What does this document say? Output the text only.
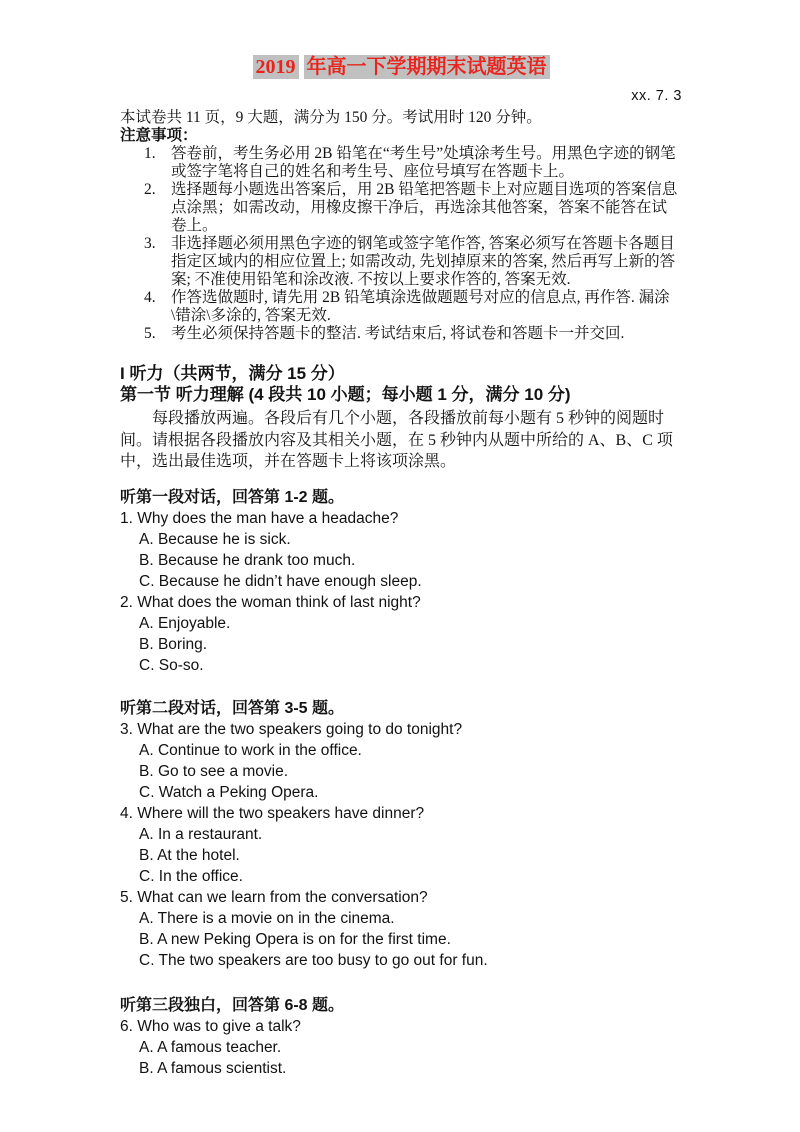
2019 年高一下学期期末试题英语
xx. 7. 3

本试卷共 11 页，9 大题，满分为 150 分。考试用时 120 分钟。

注意事项：

1. 答卷前，考生务必用 2B 铅笔在“考生号”处填涂考生号。用黑色字迹的钢笔或签字笔将自己的姓名和考生号、座位号填写在答题卡上。
2. 选择题每小题选出答案后，用 2B 铅笔把答题卡上对应题目选项的答案信息点涂黑；如需改动，用橡皮擦干净后，再选涂其他答案，答案不能答在试卷上。
3. 非选择题必须用黑色字迹的钢笔或签字笔作答, 答案必须写在答题卡各题目指定区域内的相应位置上; 如需改动, 先划掉原来的答案, 然后再写上新的答案; 不准使用铅笔和涂改液. 不按以上要求作答的, 答案无效.
4. 作答选做题时, 请先用 2B 铅笔填涂选做题题号对应的信息点, 再作答. 漏涂\错涂\多涂的, 答案无效.
5. 考生必须保持答题卡的整洁. 考试结束后, 将试卷和答题卡一并交回.

I 听力（共两节，满分 15 分）

第一节 听力理解 (4 段共 10 小题；每小题 1 分，满分 10 分)

每段播放两遍。各段后有几个小题，各段播放前每小题有 5 秒钟的阅题时间。请根据各段播放内容及其相关小题，在 5 秒钟内从题中所给的 A、B、C 项中，选出最佳选项，并在答题卡上将该项涂黑。

听第一段对话，回答第 1-2 题。

1. Why does the man have a headache?

A. Because he is sick.

B. Because he drank too much.

C. Because he didn’t have enough sleep.

2. What does the woman think of last night?

A. Enjoyable.

B. Boring.

C. So-so.

听第二段对话，回答第 3-5 题。

3. What are the two speakers going to do tonight?

A. Continue to work in the office.

B. Go to see a movie.

C. Watch a Peking Opera.

4. Where will the two speakers have dinner?

A. In a restaurant.

B. At the hotel.

C. In the office.

5. What can we learn from the conversation?

A. There is a movie on in the cinema.

B. A new Peking Opera is on for the first time.

C. The two speakers are too busy to go out for fun.

听第三段独白，回答第 6-8 题。

6. Who was to give a talk?

A. A famous teacher.

B. A famous scientist.
